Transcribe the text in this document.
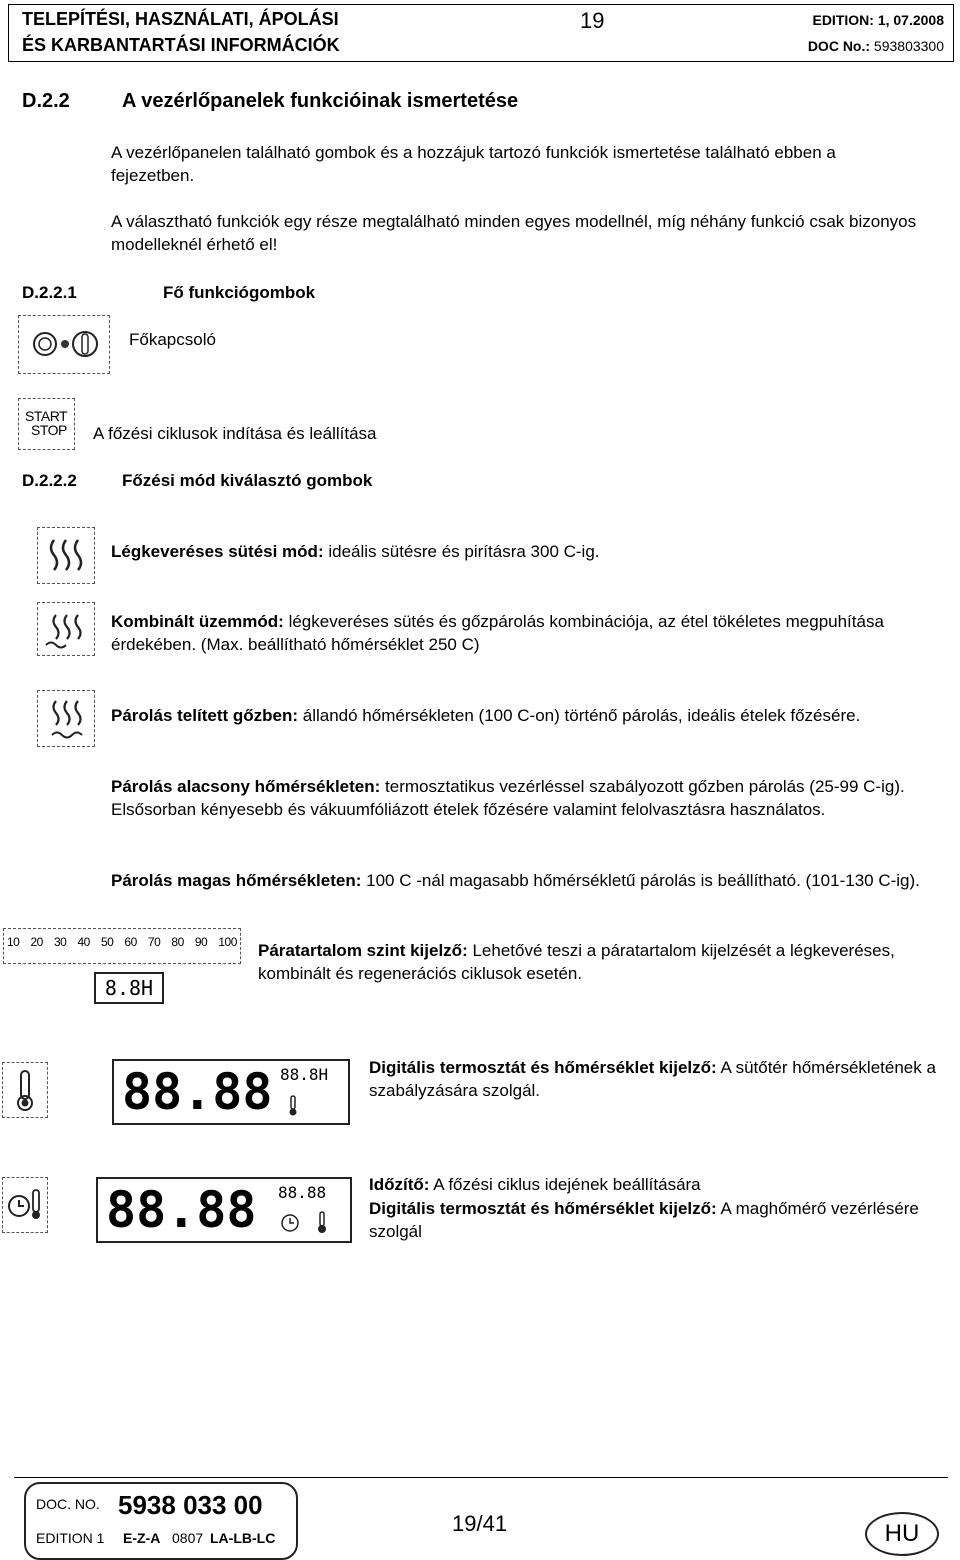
TELEPÍTÉSI, HASZNÁLATI, ÁPOLÁSI
ÉS KARBANTARTÁSI INFORMÁCIÓK
19	EDITION: 1, 07.2008
DOC No.: 593803300
D.2.2	A vezérlőpanelek funkcióinak ismertetése
A vezérlőpanelen található gombok és a hozzájuk tartozó funkciók ismertetése található ebben a fejezetben.
A választható funkciók egy része megtalálható minden egyes modellnél, míg néhány funkció csak bizonyos modelleknél érhető el!
D.2.2.1	Fő funkciógombok
Főkapcsoló
START
STOP	A főzési ciklusok indítása és leállítása
D.2.2.2	Főzési mód kiválasztó gombok
Légkeveréses sütési mód: ideális sütésre és pirításra 300 C-ig.
Kombinált üzemmód: légkeveréses sütés és gőzpárolás kombinációja, az étel tökéletes megpuhítása érdekében. (Max. beállítható hőmérséklet 250 C)
Párolás telített gőzben: állandó hőmérsékleten (100 C-on) történő párolás, ideális ételek főzésére.
Párolás alacsony hőmérsékleten: termosztatikus vezérléssel szabályozott gőzben párolás (25-99 C-ig). Elsősorban kényesebb és vákuumfóliázott ételek főzésére valamint felolvasztásra használatos.
Párolás magas hőmérsékleten: 100 C -nál magasabb hőmérsékletű párolás is beállítható. (101-130 C-ig).
10 20 30 40 50 60 70 80 90 100
8.8H
Páratartalom szint kijelző: Lehetővé teszi a páratartalom kijelzését a légkeveréses, kombinált és regenerációs ciklusok esetén.
88.88 88.8H Digitális termosztát és hőmérséklet kijelző: A sütőtér hőmérsékletének a szabályzására szolgál.
88.88 88.88	Időzítő: A főzési ciklus idejének beállítására
Digitális termosztát és hőmérséklet kijelző: A maghőmérő vezérlésére szolgál
DOC. NO. 5938 033 00
EDITION 1 E-Z-A 0807 LA-LB-LC
19/41	HU
